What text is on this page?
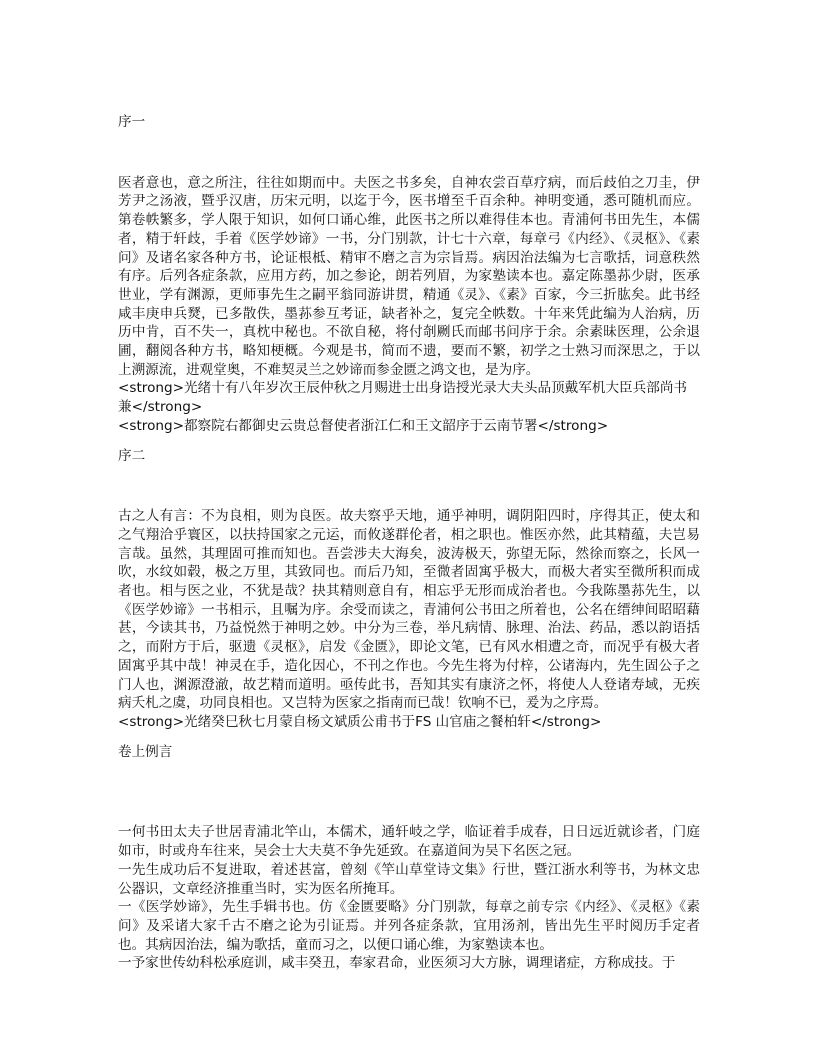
序一

医者意也，意之所注，往往如期而中。夫医之书多矣，自神农尝百草疗病，而后歧伯之刀圭，伊芳尹之汤液，暨乎汉唐，历宋元明，以迄于今，医书增至千百余种。神明变通，悉可随机而应。第卷帙繁多，学人限于知识，如何口诵心维，此医书之所以难得佳本也。青浦何书田先生，本儒者，精于轩歧，手着《医学妙谛》一书，分门别款，计七十六章，每章弓《内经》、《灵枢》、《素问》及诸名家各种方书，论证根柢、精审不磨之言为宗旨焉。病因治法编为七言歌括，词意秩然有序。后列各症条款，应用方药，加之参论，朗若列眉，为家塾读本也。嘉定陈墨荪少尉，医承世业，学有渊源，更师事先生之嗣平翁同游讲贯，精通《灵》、《素》百家，今三折肱矣。此书经咸丰庚申兵燹，已多散佚，墨荪参互考证，缺者补之，复完全帙数。十年来凭此编为人治病，历历中肯，百不失一，真枕中秘也。不欲自秘，将付剞劂氏而邮书问序于余。余素昧医理，公余退圃，翻阅各种方书，略知梗概。今观是书，简而不遗，要而不繁，初学之士熟习而深思之，于以上溯源流，进观堂奥，不难契灵兰之妙谛而参金匮之鸿文也，是为序。

<strong>光绪十有八年岁次王辰仲秋之月赐进士出身诰授光录大夫头品顶戴军机大臣兵部尚书兼</strong>

<strong>都察院右都御史云贵总督使者浙江仁和王文韶序于云南节署</strong>

序二

古之人有言：不为良相，则为良医。故夫察乎天地，通乎神明，调阴阳四时，序得其正，使太和之气翔洽乎寰区，以扶持国家之元运，而攸遂群伦者，相之职也。惟医亦然，此其精蕴，夫岂易言哉。虽然，其理固可推而知也。吾尝涉夫大海矣，波涛极天，弥望无际，然徐而察之，长风一吹，水纹如毂，极之万里，其致同也。而后乃知，至微者固寓乎极大，而极大者实至微所积而成者也。相与医之业，不犹是哉？抉其精则意自有，相忘乎无形而成治者也。今我陈墨荪先生，以《医学妙谛》一书相示，且嘱为序。余受而读之，青浦何公书田之所着也，公名在缙绅间昭昭藉甚，今读其书，乃益悦然于神明之妙。中分为三卷，举凡病情、脉理、治法、药品，悉以韵语括之，而附方于后，驱遗《灵枢》，启发《金匮》，即论文笔，已有风水相遭之奇，而况乎有极大者固寓乎其中哉！神灵在手，造化因心，不刊之作也。今先生将为付梓，公诸海内，先生固公子之门人也，渊源澄澈，故艺精而道明。亟传此书，吾知其实有康济之怀，将使人人登诸寿域，无疾病夭札之虞，功同良相也。又岂特为医家之指南而已哉！钦响不已，爰为之序焉。

<strong>光绪癸巳秋七月蒙自杨文斌质公甫书于FS 山官庙之餐柏轩</strong>

卷上例言

一何书田太夫子世居青浦北竿山，本儒术，通轩岐之学，临证着手成春，日日远近就诊者，门庭如市，时或舟车往来，吴会士大夫莫不争先延致。在嘉道间为吴下名医之冠。

一先生成功后不复进取，着述甚富，曾刻《竿山草堂诗文集》行世，暨江浙水利等书，为林文忠公器识，文章经济推重当时，实为医名所掩耳。

一《医学妙谛》，先生手辑书也。仿《金匮要略》分门别款，每章之前专宗《内经》、《灵枢》《素问》及采诸大家千古不磨之论为引证焉。并列各症条款，宜用汤剂，皆出先生平时阅历手定者也。其病因治法，编为歌括，童而习之，以便口诵心维，为家塾读本也。

一予家世传幼科松承庭训，咸丰癸丑，奉家君命，业医须习大方脉，调理诸症，方称成技。于
